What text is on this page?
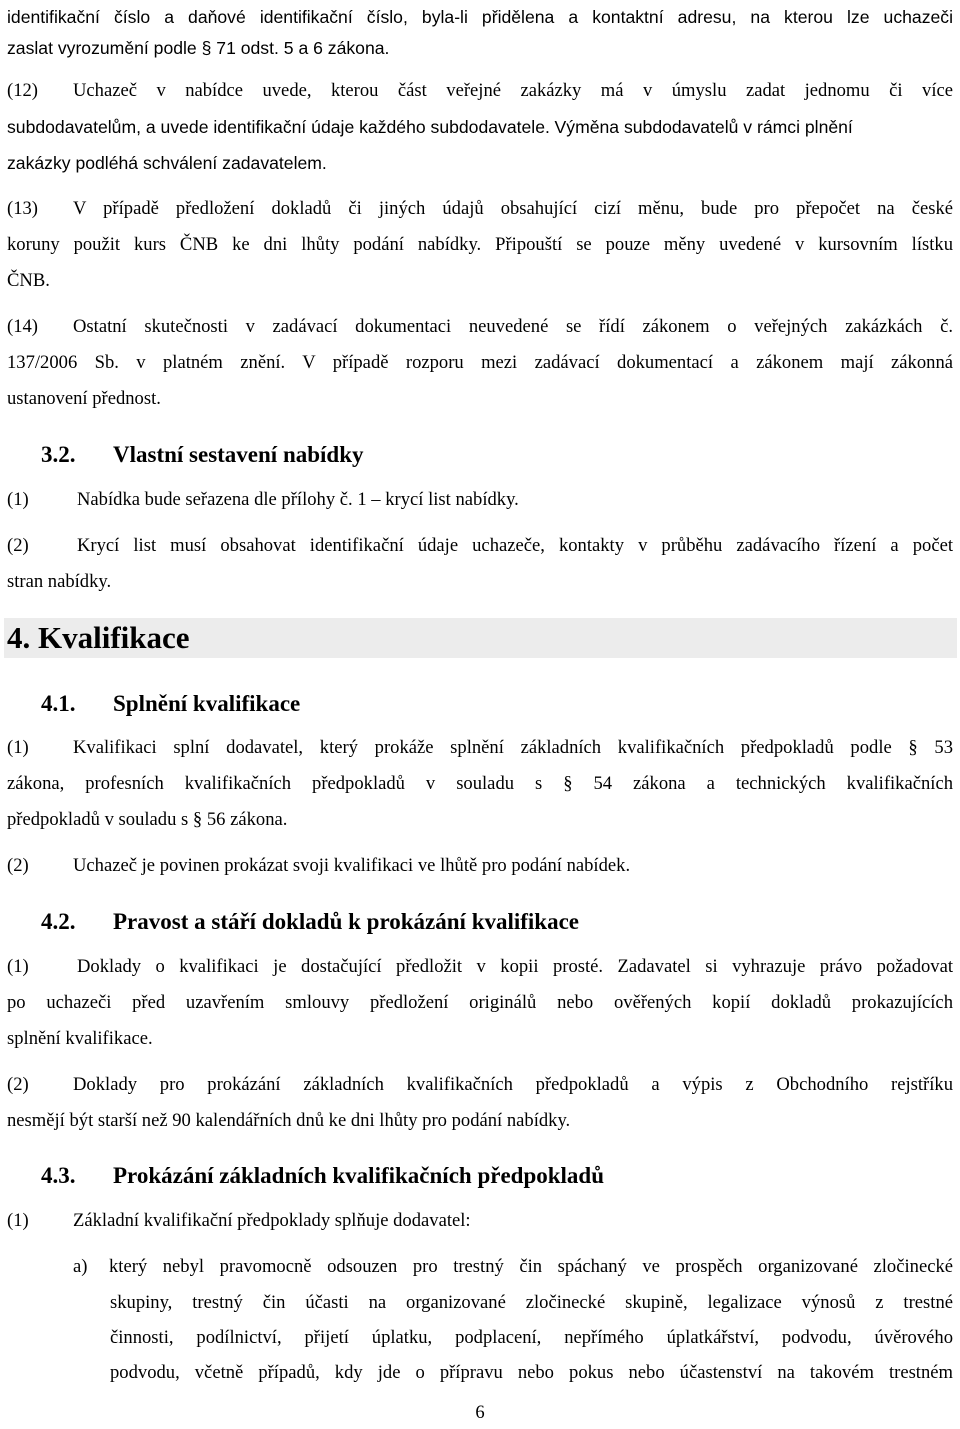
identifikační číslo a daňové identifikační číslo, byla-li přidělena a kontaktní adresu, na kterou lze uchazeči
zaslat vyrozumění podle § 71 odst. 5 a 6 zákona.
(12) Uchazeč v nabídce uvede, kterou část veřejné zakázky má v úmyslu zadat jednomu či více
subdodavatelům, a uvede identifikační údaje každého subdodavatele. Výměna subdodavatelů v rámci plnění
zakázky podléhá schválení zadavatelem.
(13) V případě předložení dokladů či jiných údajů obsahující cizí měnu, bude pro přepočet na české
koruny použit kurs ČNB ke dni lhůty podání nabídky. Připouští se pouze měny uvedené v kursovním lístku
ČNB.
(14) Ostatní skutečnosti v zadávací dokumentaci neuvedené se řídí zákonem o veřejných zakázkách č.
137/2006 Sb. v platném znění. V případě rozporu mezi zadávací dokumentací a zákonem mají zákonná
ustanovení přednost.
3.2. Vlastní sestavení nabídky
(1)	Nabídka bude seřazena dle přílohy č. 1 – krycí list nabídky.
(2)	Krycí list musí obsahovat identifikační údaje uchazeče, kontakty v průběhu zadávacího řízení a počet
stran nabídky.
4. Kvalifikace
4.1. Splnění kvalifikace
(1) Kvalifikaci splní dodavatel, který prokáže splnění základních kvalifikačních předpokladů podle § 53
zákona, profesních kvalifikačních předpokladů v souladu s § 54 zákona a technických kvalifikačních
předpokladů v souladu s § 56 zákona.
(2) Uchazeč je povinen prokázat svoji kvalifikaci ve lhůtě pro podání nabídek.
4.2. Pravost a stáří dokladů k prokázání kvalifikace
(1)	Doklady o kvalifikaci je dostačující předložit v kopii prosté. Zadavatel si vyhrazuje právo požadovat
po uchazeči před uzavřením smlouvy předložení originálů nebo ověřených kopií dokladů prokazujících
splnění kvalifikace.
(2) Doklady pro prokázání základních kvalifikačních předpokladů a výpis z Obchodního rejstříku
nesmějí být starší než 90 kalendářních dnů ke dni lhůty pro podání nabídky.
4.3. Prokázání základních kvalifikačních předpokladů
(1) Základní kvalifikační předpoklady splňuje dodavatel:
a) který nebyl pravomocně odsouzen pro trestný čin spáchaný ve prospěch organizované zločinecké
skupiny, trestný čin účasti na organizované zločinecké skupině, legalizace výnosů z trestné
činnosti, podílnictví, přijetí úplatku, podplacení, nepřímého úplatkářství, podvodu, úvěrového
podvodu, včetně případů, kdy jde o přípravu nebo pokus nebo účastenství na takovém trestném
6
